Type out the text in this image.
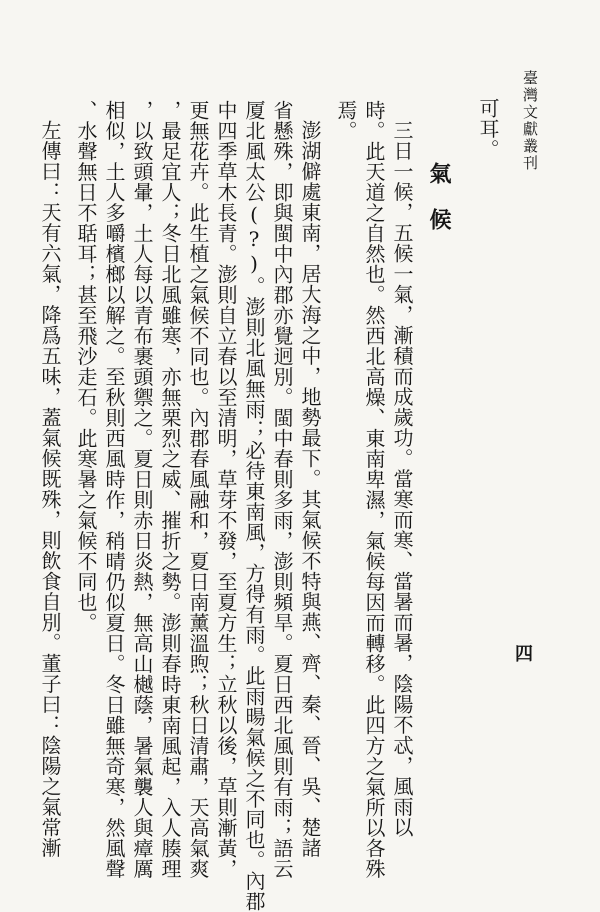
臺灣文獻叢刊
四
可耳。
氣候
三日一候，五候一氣，漸積而成歲功。當寒而寒、當暑而暑，陰陽不忒，風雨以
時。此天道之自然也。然西北高燥、東南卑濕，氣候每因而轉移。此四方之氣所以各殊
焉。
澎湖僻處東南，居大海之中，地勢最下。其氣候不特與燕、齊、秦、晉、吳、楚諸
省懸殊，即與閩中內郡亦覺迥別。閩中春則多雨，澎則頻旱。夏日西北風則有雨；語云
厦北風太公(?)。澎則北風無雨；必待東南風，方得有雨。此雨暘氣候之不同也。內郡
中四季草木長青。澎則自立春以至清明，草芽不發，至夏方生；立秋以後，草則漸黃，
更無花卉。此生植之氣候不同也。內郡春風融和，夏日南薰溫煦；秋日清肅，天高氣爽
，最足宜人；冬日北風雖寒，亦無栗烈之威、摧折之勢。澎則春時東南風起，入人腠理
，以致頭暈，土人每以青布裹頭禦之。夏日則赤日炎熱，無高山樾蔭，暑氣襲人與瘴厲
相似，土人多嚼檳榔以解之。至秋則西風時作，稍晴仍似夏日。冬日雖無奇寒，然風聲
、水聲無日不聒耳；甚至飛沙走石。此寒暑之氣候不同也。
左傳曰：天有六氣，降爲五味，蓋氣候既殊，則飲食自別。董子曰：陰陽之氣常漸
